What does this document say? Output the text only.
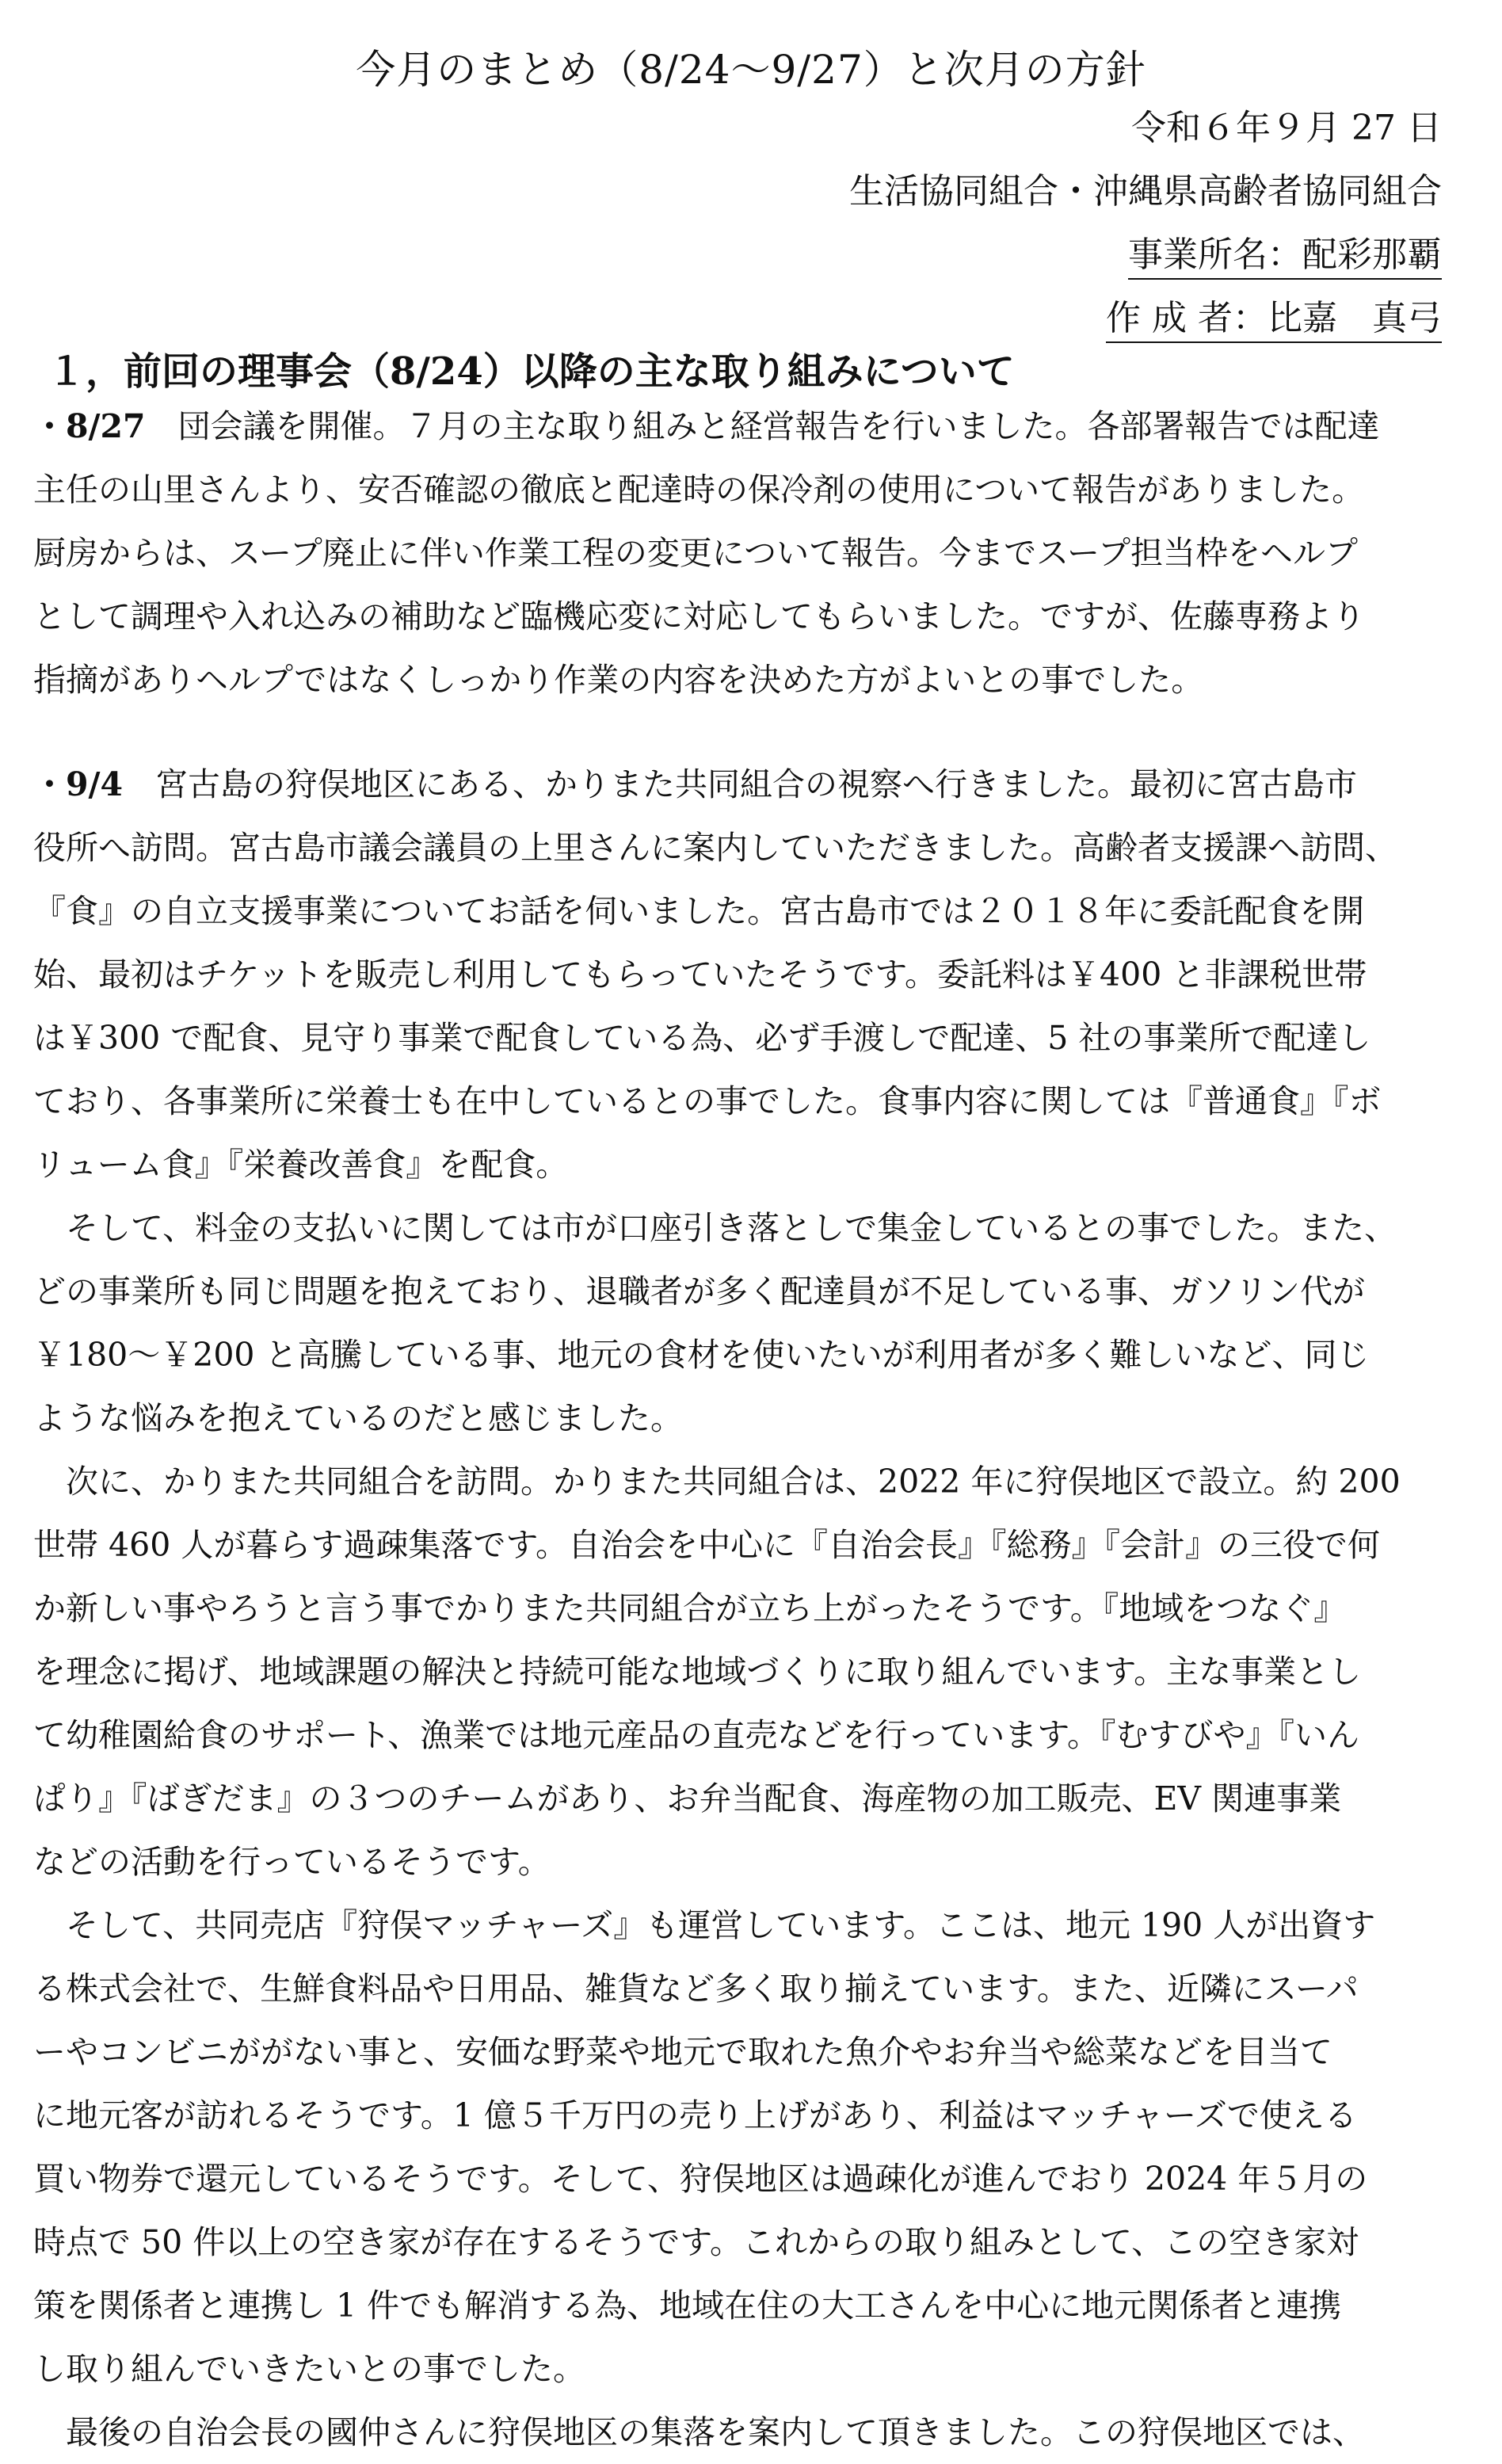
今月のまとめ（8/24～9/27）と次月の方針
令和６年９月 27 日
生活協同組合・沖縄県高齢者協同組合
事業所名：配彩那覇
作 成 者：比嘉　真弓
１，前回の理事会（8/24）以降の主な取り組みについて
・8/27　 団会議を開催。７月の主な取り組みと経営報告を行いました。各部署報告では配達
主任の山里さんより、安否確認の徹底と配達時の保冷剤の使用について報告がありました。
厨房からは、スープ廃止に伴い作業工程の変更について報告。今までスープ担当枠をヘルプ
として調理や入れ込みの補助など臨機応変に対応してもらいました。ですが、佐藤専務より
指摘がありヘルプではなくしっかり作業の内容を決めた方がよいとの事でした。
・9/4　 宮古島の狩俣地区にある、かりまた共同組合の視察へ行きました。最初に宮古島市
役所へ訪問。宮古島市議会議員の上里さんに案内していただきました。高齢者支援課へ訪問、
『食』の自立支援事業についてお話を伺いました。宮古島市では２０１８年に委託配食を開
始、最初はチケットを販売し利用してもらっていたそうです。委託料は￥400 と非課税世帯
は￥300 で配食、見守り事業で配食している為、必ず手渡しで配達、5 社の事業所で配達し
ており、各事業所に栄養士も在中しているとの事でした。食事内容に関しては『普通食』『ボ
リューム食』『栄養改善食』を配食。
　そして、料金の支払いに関しては市が口座引き落としで集金しているとの事でした。また、
どの事業所も同じ問題を抱えており、退職者が多く配達員が不足している事、ガソリン代が
￥180～￥200 と高騰している事、地元の食材を使いたいが利用者が多く難しいなど、同じ
ような悩みを抱えているのだと感じました。
　次に、かりまた共同組合を訪問。かりまた共同組合は、2022 年に狩俣地区で設立。約 200
世帯 460 人が暮らす過疎集落です。自治会を中心に『自治会長』『総務』『会計』の三役で何
か新しい事やろうと言う事でかりまた共同組合が立ち上がったそうです。『地域をつなぐ』
を理念に掲げ、地域課題の解決と持続可能な地域づくりに取り組んでいます。主な事業とし
て幼稚園給食のサポート、漁業では地元産品の直売などを行っています。『むすびや』『いん
ぱり』『ばぎだま』の３つのチームがあり、お弁当配食、海産物の加工販売、EV 関連事業
などの活動を行っているそうです。
　そして、共同売店『狩俣マッチャーズ』も運営しています。ここは、地元 190 人が出資す
る株式会社で、生鮮食料品や日用品、雑貨など多く取り揃えています。また、近隣にスーパ
ーやコンビニががない事と、安価な野菜や地元で取れた魚介やお弁当や総菜などを目当て
に地元客が訪れるそうです。1 億５千万円の売り上げがあり、利益はマッチャーズで使える
買い物券で還元しているそうです。そして、狩俣地区は過疎化が進んでおり 2024 年５月の
時点で 50 件以上の空き家が存在するそうです。これからの取り組みとして、この空き家対
策を関係者と連携し 1 件でも解消する為、地域在住の大工さんを中心に地元関係者と連携
し取り組んでいきたいとの事でした。
　最後の自治会長の國仲さんに狩俣地区の集落を案内して頂きました。この狩俣地区では、
